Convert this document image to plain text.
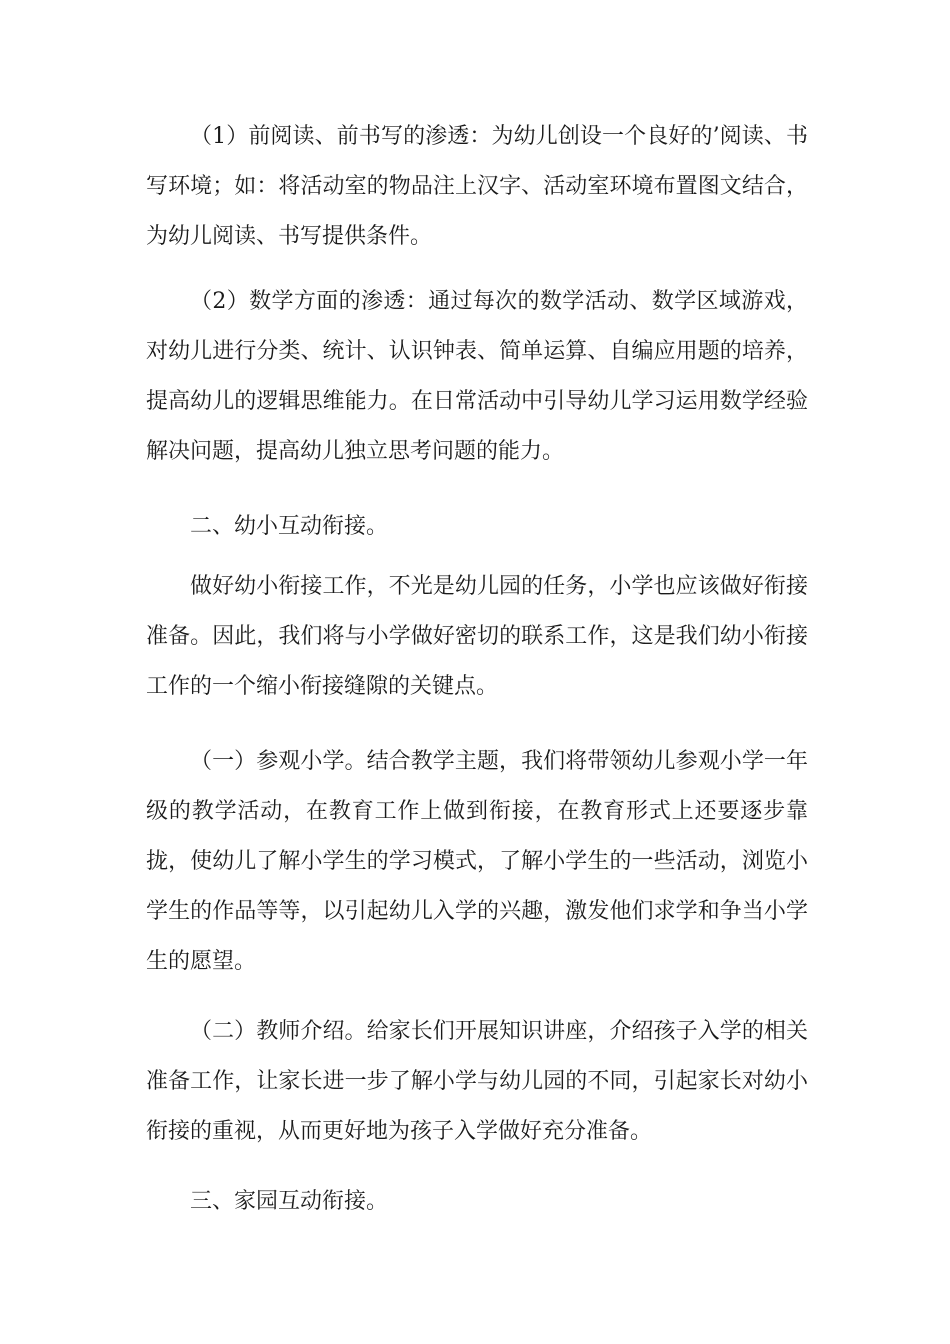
（1）前阅读、前书写的渗透：为幼儿创设一个良好的’阅读、书写环境；如：将活动室的物品注上汉字、活动室环境布置图文结合，为幼儿阅读、书写提供条件。

（2）数学方面的渗透：通过每次的数学活动、数学区域游戏，对幼儿进行分类、统计、认识钟表、简单运算、自编应用题的培养，提高幼儿的逻辑思维能力。在日常活动中引导幼儿学习运用数学经验解决问题，提高幼儿独立思考问题的能力。

二、幼小互动衔接。

做好幼小衔接工作，不光是幼儿园的任务，小学也应该做好衔接准备。因此，我们将与小学做好密切的联系工作，这是我们幼小衔接工作的一个缩小衔接缝隙的关键点。

（一）参观小学。结合教学主题，我们将带领幼儿参观小学一年级的教学活动，在教育工作上做到衔接，在教育形式上还要逐步靠拢，使幼儿了解小学生的学习模式，了解小学生的一些活动，浏览小学生的作品等等，以引起幼儿入学的兴趣，激发他们求学和争当小学生的愿望。

（二）教师介绍。给家长们开展知识讲座，介绍孩子入学的相关准备工作，让家长进一步了解小学与幼儿园的不同，引起家长对幼小衔接的重视，从而更好地为孩子入学做好充分准备。

三、家园互动衔接。
